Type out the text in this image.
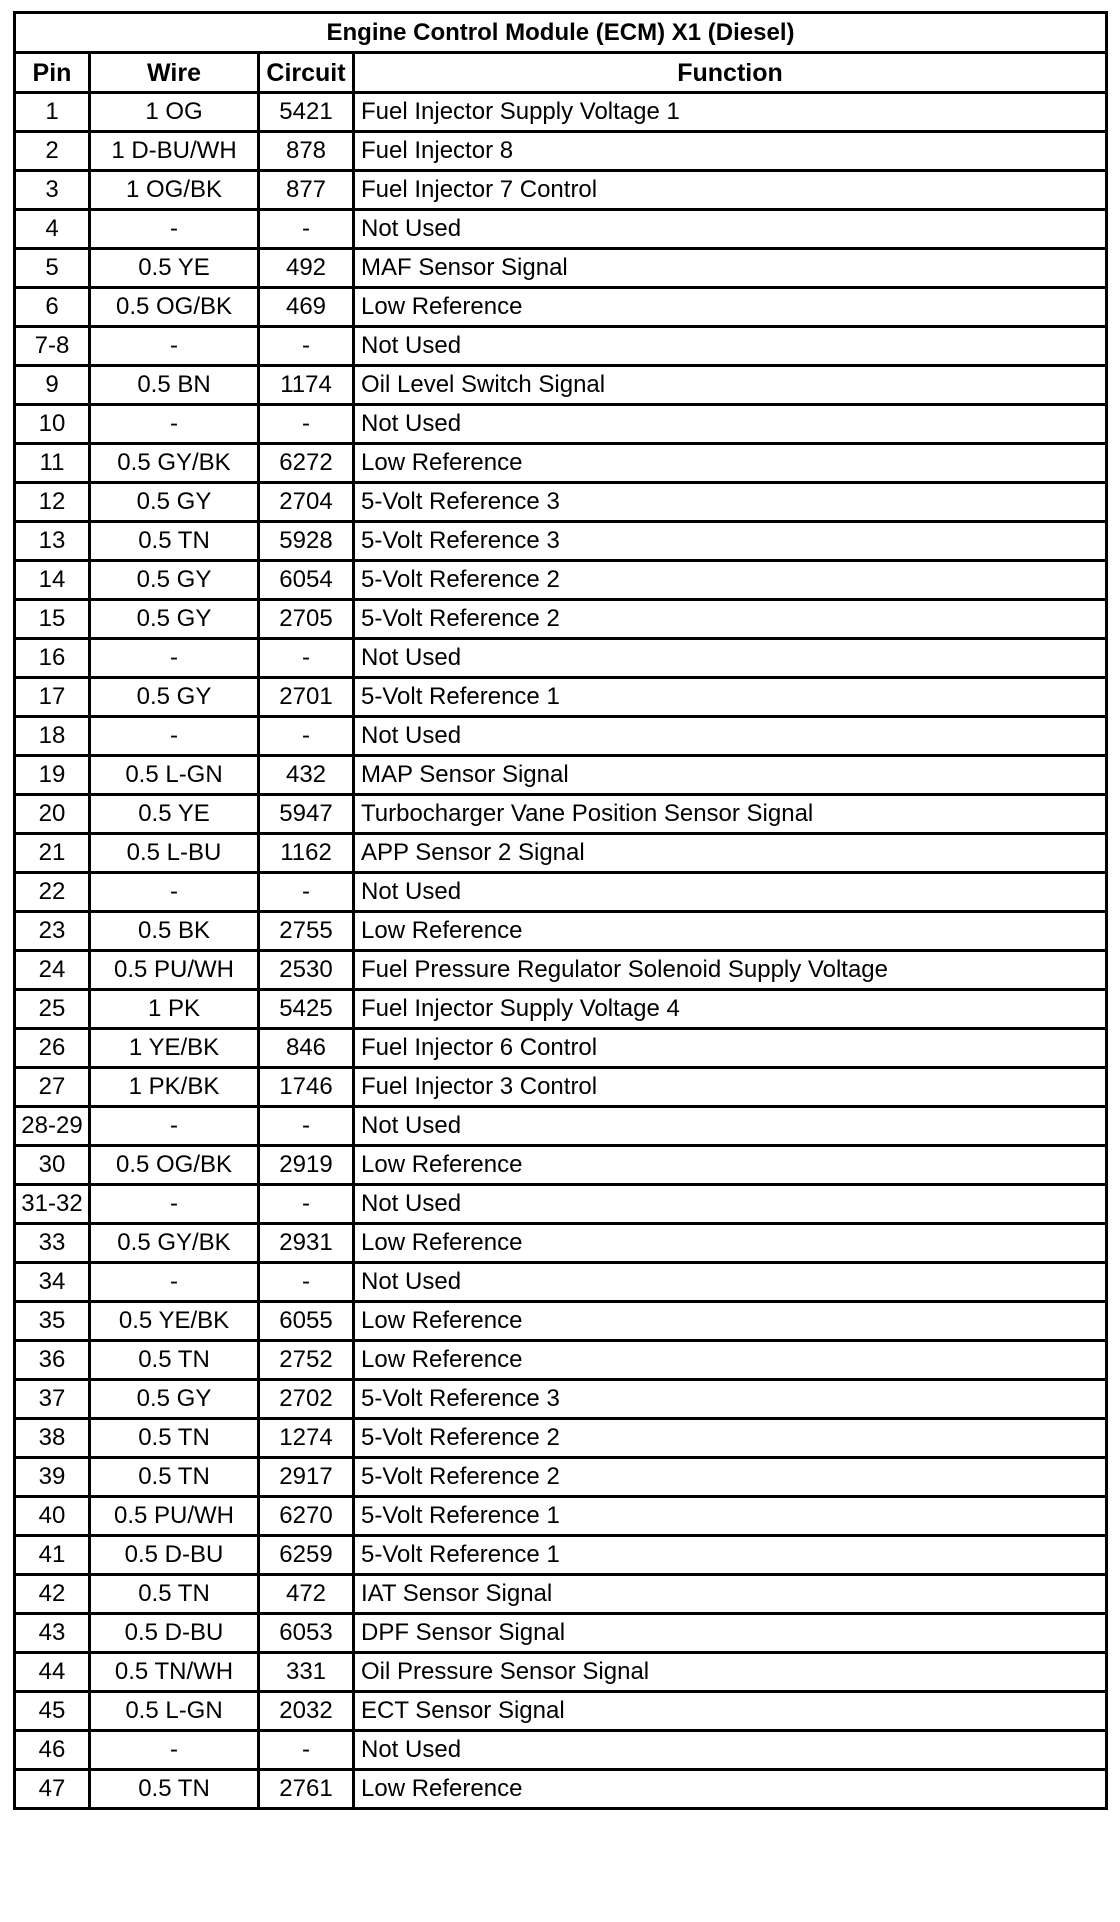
Engine Control Module (ECM) X1 (Diesel)			
Pin	Wire	Circuit	Function
1	1 OG	5421	Fuel Injector Supply Voltage 1
2	1 D-BU/WH	878	Fuel Injector 8
3	1 OG/BK	877	Fuel Injector 7 Control
4	-	-	Not Used
5	0.5 YE	492	MAF Sensor Signal
6	0.5 OG/BK	469	Low Reference
7-8	-	-	Not Used
9	0.5 BN	1174	Oil Level Switch Signal
10	-	-	Not Used
11	0.5 GY/BK	6272	Low Reference
12	0.5 GY	2704	5-Volt Reference 3
13	0.5 TN	5928	5-Volt Reference 3
14	0.5 GY	6054	5-Volt Reference 2
15	0.5 GY	2705	5-Volt Reference 2
16	-	-	Not Used
17	0.5 GY	2701	5-Volt Reference 1
18	-	-	Not Used
19	0.5 L-GN	432	MAP Sensor Signal
20	0.5 YE	5947	Turbocharger Vane Position Sensor Signal
21	0.5 L-BU	1162	APP Sensor 2 Signal
22	-	-	Not Used
23	0.5 BK	2755	Low Reference
24	0.5 PU/WH	2530	Fuel Pressure Regulator Solenoid Supply Voltage
25	1 PK	5425	Fuel Injector Supply Voltage 4
26	1 YE/BK	846	Fuel Injector 6 Control
27	1 PK/BK	1746	Fuel Injector 3 Control
28-29	-	-	Not Used
30	0.5 OG/BK	2919	Low Reference
31-32	-	-	Not Used
33	0.5 GY/BK	2931	Low Reference
34	-	-	Not Used
35	0.5 YE/BK	6055	Low Reference
36	0.5 TN	2752	Low Reference
37	0.5 GY	2702	5-Volt Reference 3
38	0.5 TN	1274	5-Volt Reference 2
39	0.5 TN	2917	5-Volt Reference 2
40	0.5 PU/WH	6270	5-Volt Reference 1
41	0.5 D-BU	6259	5-Volt Reference 1
42	0.5 TN	472	IAT Sensor Signal
43	0.5 D-BU	6053	DPF Sensor Signal
44	0.5 TN/WH	331	Oil Pressure Sensor Signal
45	0.5 L-GN	2032	ECT Sensor Signal
46	-	-	Not Used
47	0.5 TN	2761	Low Reference
